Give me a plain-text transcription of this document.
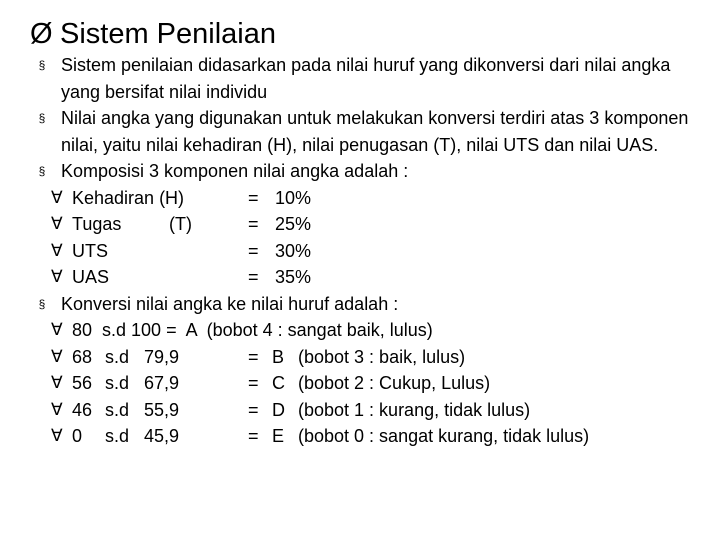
Ø Sistem Penilaian
§ Sistem penilaian didasarkan pada nilai huruf yang dikonversi dari nilai angka yang bersifat nilai individu
§ Nilai angka yang digunakan untuk melakukan konversi terdiri atas 3 komponen nilai, yaitu nilai kehadiran (H), nilai penugasan (T), nilai UTS dan nilai UAS.
§ Komposisi 3 komponen nilai angka adalah :
∀ Kehadiran (H)	= 10%
∀ Tugas	(T)	= 25%
∀ UTS	= 30%
∀ UAS	= 35%
§ Konversi nilai angka ke nilai huruf adalah :
∀ 80  s.d 100 =  A  (bobot 4 : sangat baik, lulus)
∀ 68 s.d 79,9	= B (bobot 3 : baik, lulus)
∀ 56 s.d 67,9	= C (bobot 2 : Cukup, Lulus)
∀ 46 s.d 55,9	= D (bobot 1 : kurang, tidak lulus)
∀ 0 s.d 45,9	= E (bobot 0 : sangat kurang, tidak lulus)
